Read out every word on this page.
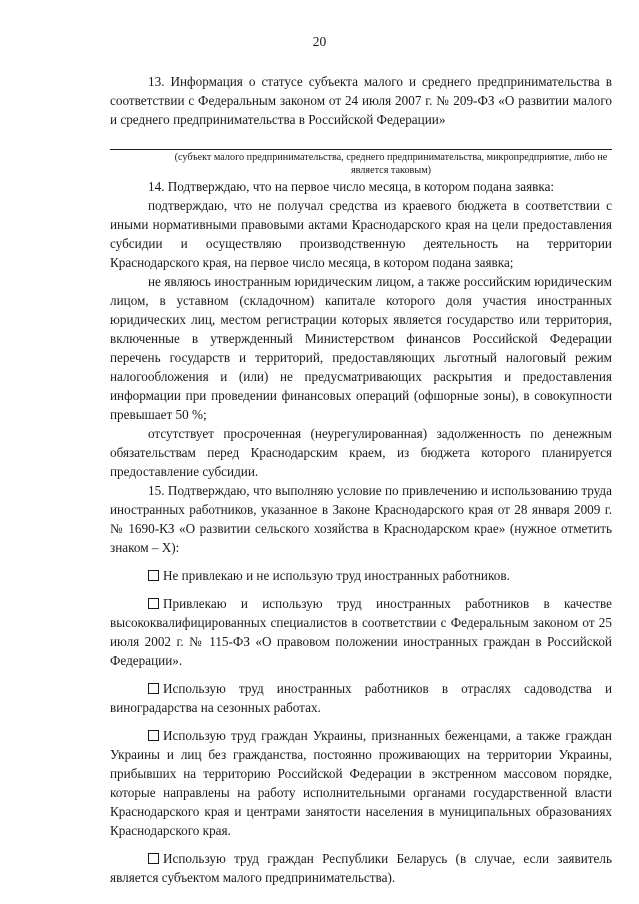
20

13. Информация о статусе субъекта малого и среднего предпринимательства в соответствии с Федеральным законом от 24 июля 2007 г. № 209-ФЗ «О развитии малого и среднего предпринимательства в Российской Федерации»

(субъект малого предпринимательства, среднего предпринимательства, микропредприятие, либо не является таковым)

14. Подтверждаю, что на первое число месяца, в котором подана заявка:

подтверждаю, что не получал средства из краевого бюджета в соответствии с иными нормативными правовыми актами Краснодарского края на цели предоставления субсидии и осуществляю производственную деятельность на территории Краснодарского края, на первое число месяца, в котором подана заявка;

не являюсь иностранным юридическим лицом, а также российским юридическим лицом, в уставном (складочном) капитале которого доля участия иностранных юридических лиц, местом регистрации которых является государство или территория, включенные в утвержденный Министерством финансов Российской Федерации перечень государств и территорий, предоставляющих льготный налоговый режим налогообложения и (или) не предусматривающих раскрытия и предоставления информации при проведении финансовых операций (офшорные зоны), в совокупности превышает 50 %;

отсутствует просроченная (неурегулированная) задолженность по денежным обязательствам перед Краснодарским краем, из бюджета которого планируется предоставление субсидии.

15. Подтверждаю, что выполняю условие по привлечению и использованию труда иностранных работников, указанное в Законе Краснодарского края от 28 января 2009 г. № 1690-КЗ «О развитии сельского хозяйства в Краснодарском крае» (нужное отметить знаком – X):

Не привлекаю и не использую труд иностранных работников.

Привлекаю и использую труд иностранных работников в качестве высококвалифицированных специалистов в соответствии с Федеральным законом от 25 июля 2002 г. № 115-ФЗ «О правовом положении иностранных граждан в Российской Федерации».

Использую труд иностранных работников в отраслях садоводства и виноградарства на сезонных работах.

Использую труд граждан Украины, признанных беженцами, а также граждан Украины и лиц без гражданства, постоянно проживающих на территории Украины, прибывших на территорию Российской Федерации в экстренном массовом порядке, которые направлены на работу исполнительными органами государственной власти Краснодарского края и центрами занятости населения в муниципальных образованиях Краснодарского края.

Использую труд граждан Республики Беларусь (в случае, если заявитель является субъектом малого предпринимательства).
